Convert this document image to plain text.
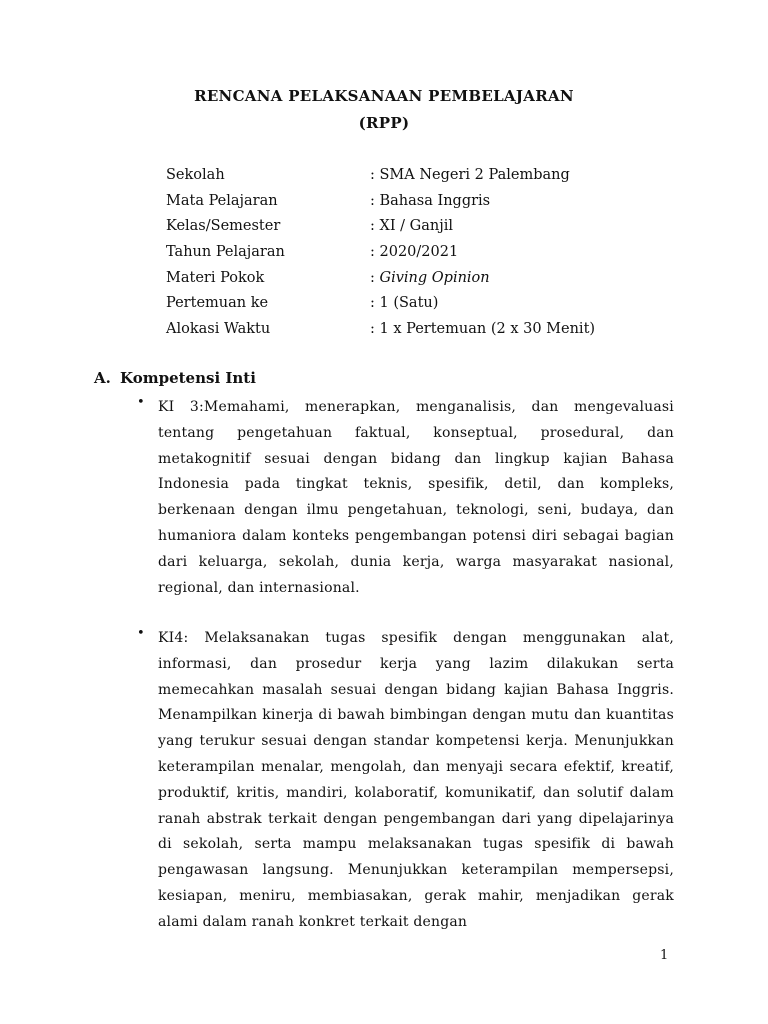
RENCANA PELAKSANAAN PEMBELAJARAN
(RPP)
Sekolah	: SMA Negeri 2 Palembang
Mata Pelajaran	: Bahasa Inggris
Kelas/Semester	: XI / Ganjil
Tahun Pelajaran	: 2020/2021
Materi Pokok	: Giving Opinion
Pertemuan ke	: 1 (Satu)
Alokasi Waktu	: 1 x Pertemuan (2 x 30 Menit)
A. Kompetensi Inti
• KI 3:Memahami, menerapkan, menganalisis, dan mengevaluasi tentang pengetahuan faktual, konseptual, prosedural, dan metakognitif sesuai dengan bidang dan lingkup kajian Bahasa Indonesia pada tingkat teknis, spesifik, detil, dan kompleks, berkenaan dengan ilmu pengetahuan, teknologi, seni, budaya, dan humaniora dalam konteks pengembangan potensi diri sebagai bagian dari keluarga, sekolah, dunia kerja, warga masyarakat nasional, regional, dan internasional.
• KI4: Melaksanakan tugas spesifik dengan menggunakan alat, informasi, dan prosedur kerja yang lazim dilakukan serta memecahkan masalah sesuai dengan bidang kajian Bahasa Inggris. Menampilkan kinerja di bawah bimbingan dengan mutu dan kuantitas yang terukur sesuai dengan standar kompetensi kerja. Menunjukkan keterampilan menalar, mengolah, dan menyaji secara efektif, kreatif, produktif, kritis, mandiri, kolaboratif, komunikatif, dan solutif dalam ranah abstrak terkait dengan pengembangan dari yang dipelajarinya di sekolah, serta mampu melaksanakan tugas spesifik di bawah pengawasan langsung. Menunjukkan keterampilan mempersepsi, kesiapan, meniru, membiasakan, gerak mahir, menjadikan gerak alami dalam ranah konkret terkait dengan
1
